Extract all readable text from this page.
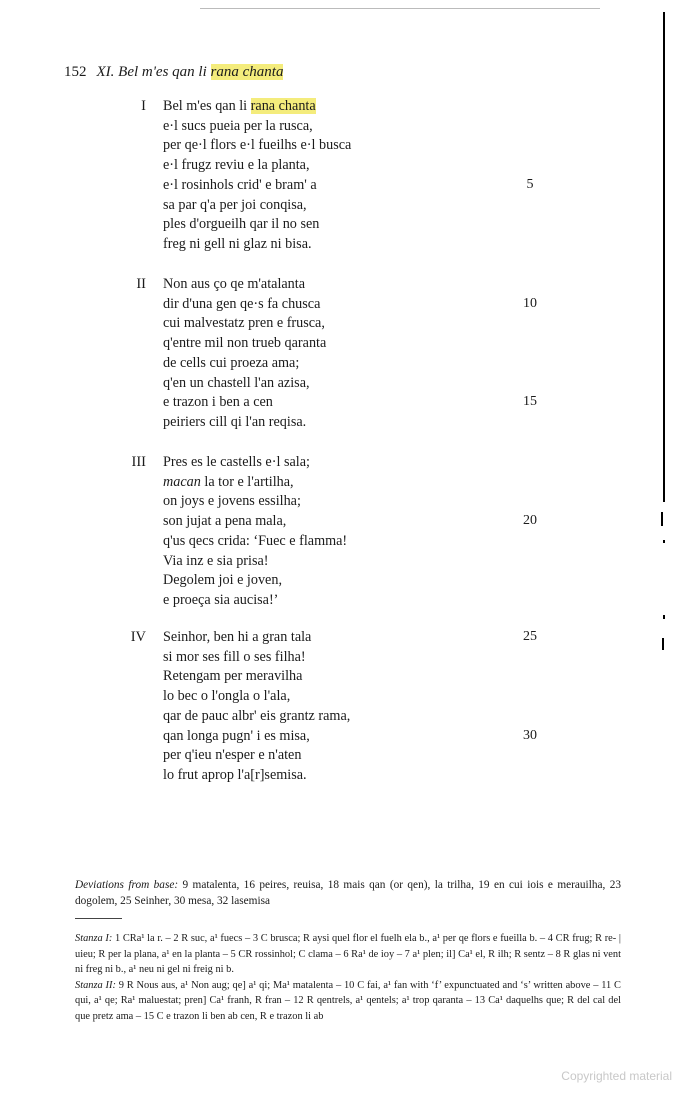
152 XI. Bel m'es qan li rana chanta
I Bel m'es qan li rana chanta
e·l sucs pueia per la rusca,
per qe·l flors e·l fueilhs e·l busca
e·l frugz reviu e la planta,
e·l rosinhols crid' e bram' a	5
sa par q'a per joi conqisa,
ples d'orgueilh qar il no sen
freg ni gell ni glaz ni bisa.
II Non aus ço qe m'atalanta
dir d'una gen qe·s fa chusca	10
cui malvestatz pren e frusca,
q'entre mil non trueb qaranta
de cells cui proeza ama;
q'en un chastell l'an azisa,
e trazon i ben a cen	15
peiriers cill qi l'an reqisa.
III Pres es le castells e·l sala;
macan la tor e l'artilha,
on joys e jovens essilha;
son jujat a pena mala,	20
q'us qecs crida: ‘Fuec e flamma!
Via inz e sia prisa!
Degolem joi e joven,
e proeça sia aucisa!’
IV Seinhor, ben hi a gran tala	25
si mor ses fill o ses filha!
Retengam per meravilha
lo bec o l'ongla o l'ala,
qar de pauc albr' eis grantz rama,
qan longa pugn' i es misa,	30
per q'ieu n'esper e n'aten
lo frut aprop l'a[r]semisa.
Deviations from base: 9 matalenta, 16 peires, reuisa, 18 mais qan (or qen), la trilha, 19 en cui iois e merauilha, 23 dogolem, 25 Seinher, 30 mesa, 32 lasemisa

Stanza I: 1 CRa¹ la r. – 2 R suc, a¹ fuecs – 3 C brusca; R aysi quel flor el fuelh ela b., a¹ per qe flors e fueilla b. – 4 CR frug; R re- | uieu; R per la plana, a¹ en la planta – 5 CR rossinhol; C clama – 6 Ra¹ de ioy – 7 a¹ plen; il] Ca¹ el, R ilh; R sentz – 8 R glas ni vent ni freg ni b., a¹ neu ni gel ni freig ni b.

Stanza II: 9 R Nous aus, a¹ Non aug; qe] a¹ qi; Ma¹ matalenta – 10 C fai, a¹ fan with ‘f’ expunctuated and ‘s’ written above – 11 C qui, a¹ qe; Ra¹ maluestat; pren] Ca¹ franh, R fran – 12 R qentrels, a¹ qentels; a¹ trop qaranta – 13 Ca¹ daquelhs que; R del cal del que pretz ama – 15 C e trazon li ben ab cen, R e trazon li ab

Copyrighted material
